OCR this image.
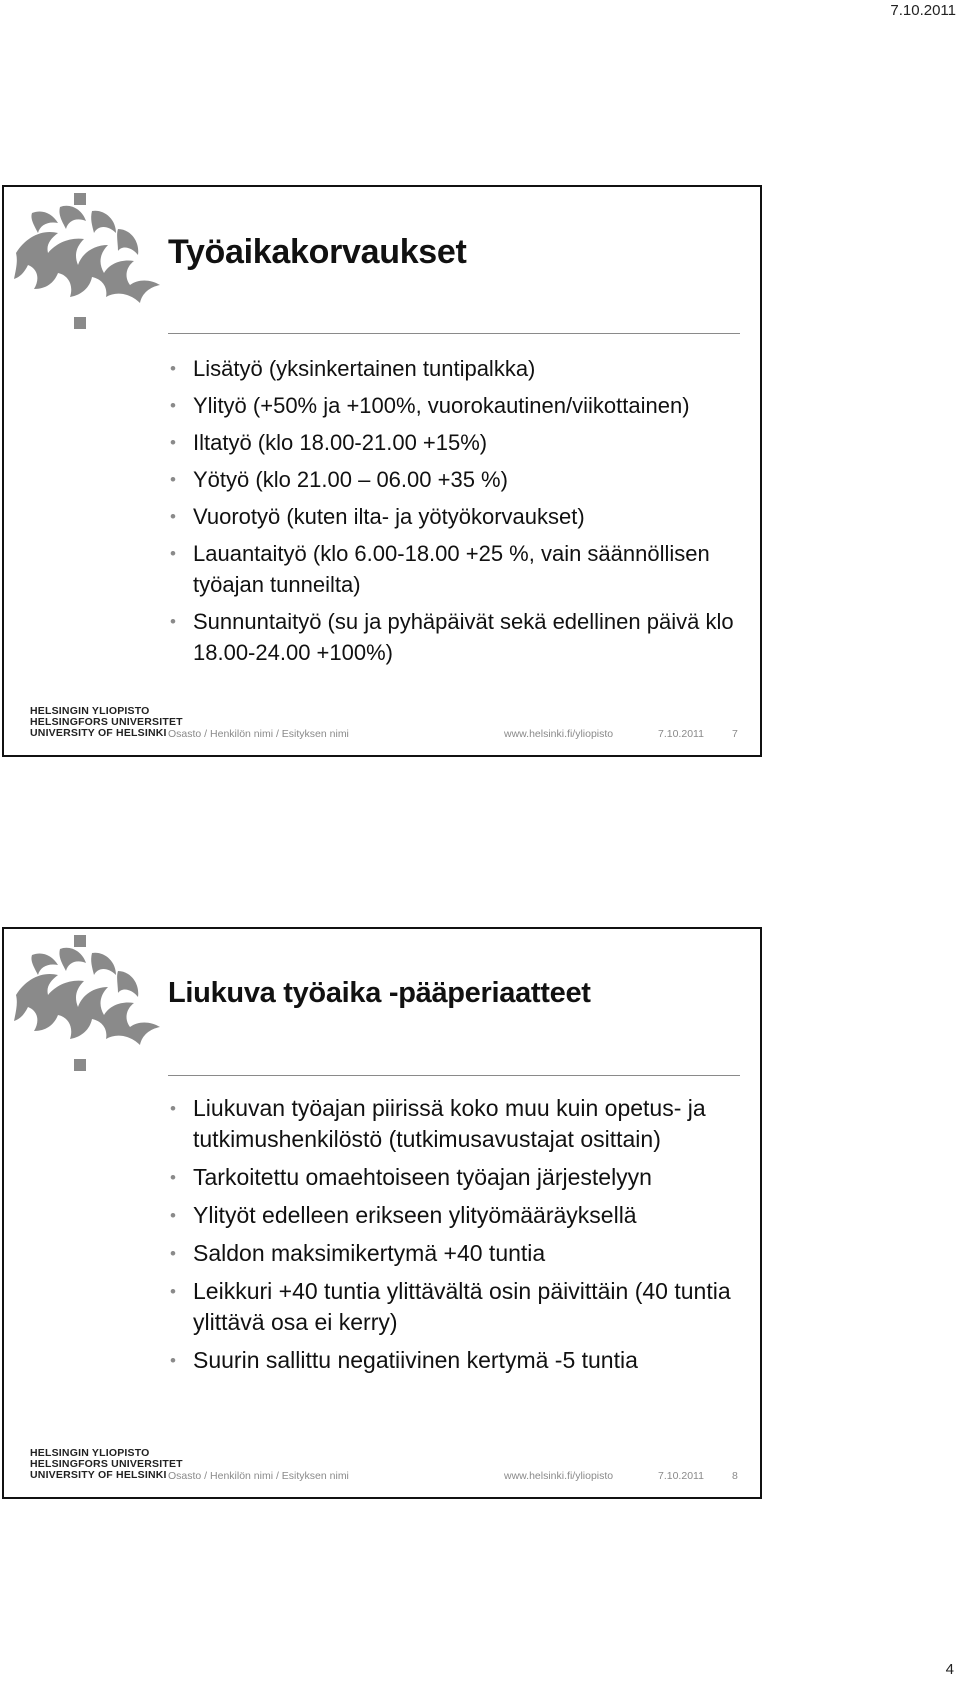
7.10.2011
Työaikakorvaukset
• Lisätyö (yksinkertainen tuntipalkka)
• Ylityö (+50% ja +100%, vuorokautinen/viikottainen)
• Iltatyö (klo 18.00-21.00 +15%)
• Yötyö (klo 21.00 – 06.00 +35 %)
• Vuorotyö (kuten ilta- ja yötyökorvaukset)
• Lauantaityö (klo 6.00-18.00 +25 %, vain säännöllisen työajan tunneilta)
• Sunnuntaityö (su ja pyhäpäivät sekä edellinen päivä klo 18.00-24.00 +100%)
HELSINGIN YLIOPISTO
HELSINGFORS UNIVERSITET
UNIVERSITY OF HELSINKI Osasto / Henkilön nimi / Esityksen nimi	www.helsinki.fi/yliopisto	7.10.2011	7
Liukuva työaika -pääperiaatteet
• Liukuvan työajan piirissä koko muu kuin opetus- ja tutkimushenkilöstö (tutkimusavustajat osittain)
• Tarkoitettu omaehtoiseen työajan järjestelyyn
• Ylityöt edelleen erikseen ylityömääräyksellä
• Saldon maksimikertymä +40 tuntia
• Leikkuri +40 tuntia ylittävältä osin päivittäin (40 tuntia ylittävä osa ei kerry)
• Suurin sallittu negatiivinen kertymä -5 tuntia
HELSINGIN YLIOPISTO
HELSINGFORS UNIVERSITET
UNIVERSITY OF HELSINKI Osasto / Henkilön nimi / Esityksen nimi	www.helsinki.fi/yliopisto	7.10.2011	8
4
